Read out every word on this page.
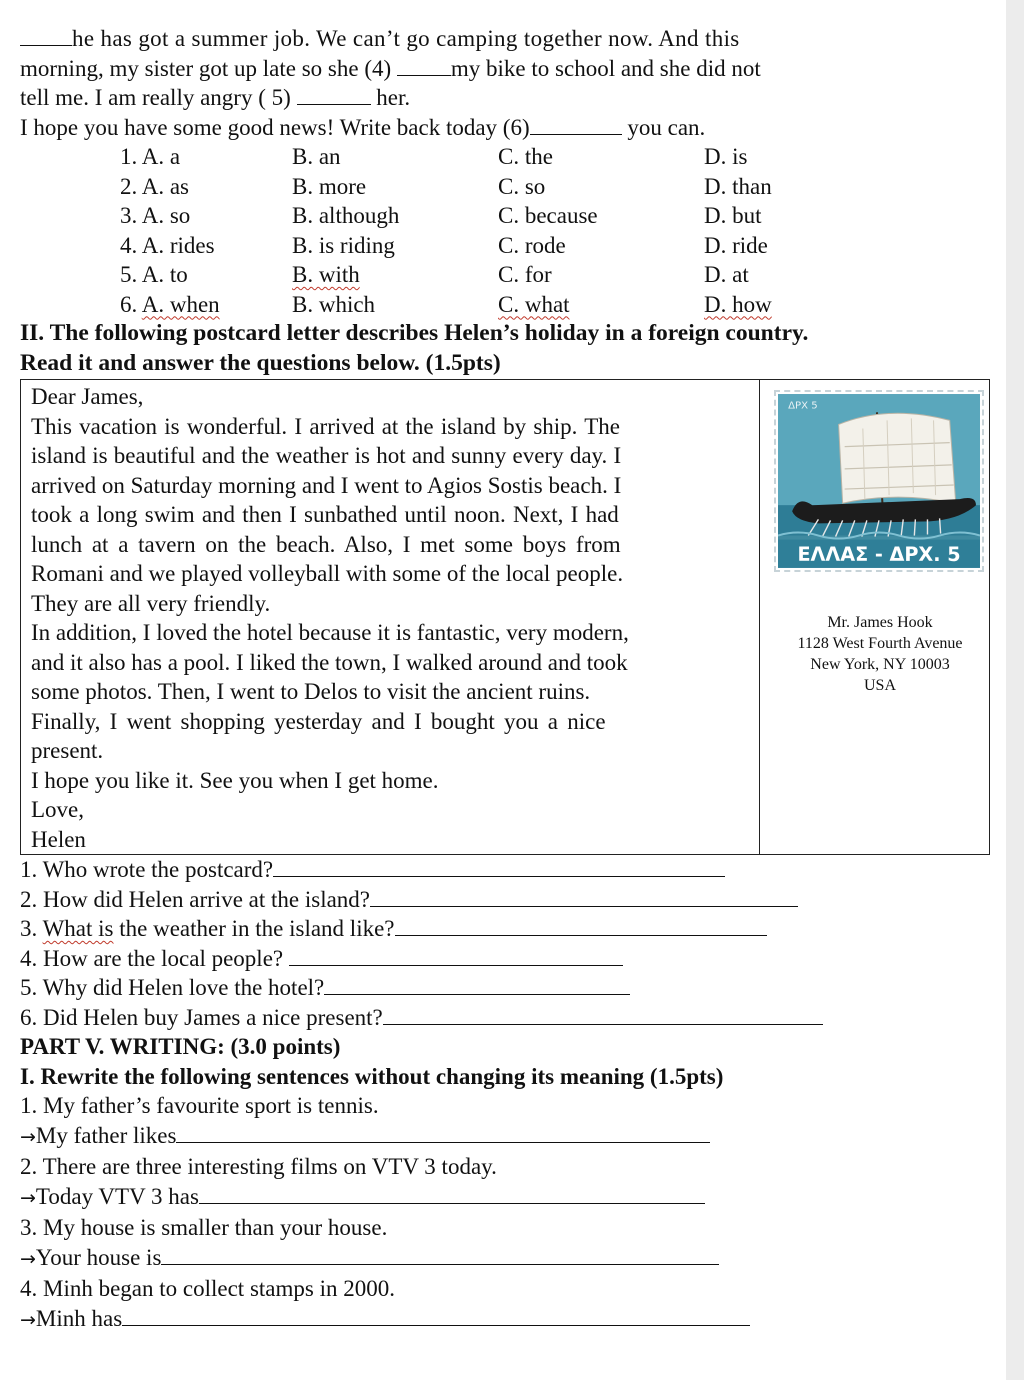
he has got a summer job. We can’t go camping together now. And this
morning, my sister got up late so she (4)	my bike to school and she did not
tell me. I am really angry ( 5)	her.
I hope you have some good news! Write back today (6)	you can.
1. A. a	B. an	C. the	D. is
2. A. as	B. more	C. so	D. than
3. A. so	B. although	C. because	D. but
4. A. rides	B. is riding	C. rode	D. ride
5. A. to	B. with	C. for	D. at
6. A. when	B. which	C. what	D. how
II. The following postcard letter describes Helen’s holiday in a foreign country.
Read it and answer the questions below. (1.5pts)
Dear James,
This vacation is wonderful. I arrived at the island by ship. The
island is beautiful and the weather is hot and sunny every day. I
arrived on Saturday morning and I went to Agios Sostis beach. I
took a long swim and then I sunbathed until noon. Next, I had
lunch at a tavern on the beach. Also, I met some boys from
Romani and we played volleyball with some of the local people.
They are all very friendly.
In addition, I loved the hotel because it is fantastic, very modern,
and it also has a pool. I liked the town, I walked around and took
some photos. Then, I went to Delos to visit the ancient ruins.
Finally, I went shopping yesterday and I bought you a nice
present.
I hope you like it. See you when I get home.
Love,
Helen
ΔΡΧ 5
ΕΛΛΑΣ - ΔΡΧ. 5
Mr. James Hook
1128 West Fourth Avenue
New York, NY 10003
USA
1. Who wrote the postcard?
2. How did Helen arrive at the island?
3. What is the weather in the island like?
4. How are the local people?
5. Why did Helen love the hotel?
6. Did Helen buy James a nice present?
PART V. WRITING: (3.0 points)
I. Rewrite the following sentences without changing its meaning (1.5pts)
1. My father’s favourite sport is tennis.
→My father likes
2. There are three interesting films on VTV 3 today.
→Today VTV 3 has
3. My house is smaller than your house.
→Your house is
4. Minh began to collect stamps in 2000.
→Minh has
